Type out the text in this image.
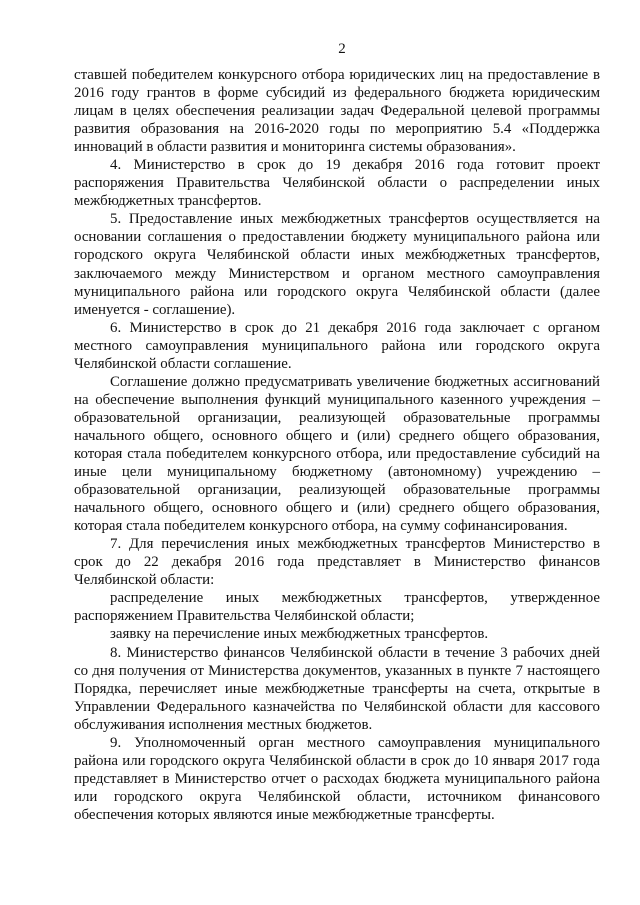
2

ставшей победителем конкурсного отбора юридических лиц на предоставление в 2016 году грантов в форме субсидий из федерального бюджета юридическим лицам в целях обеспечения реализации задач Федеральной целевой программы развития образования на 2016-2020 годы по мероприятию 5.4 «Поддержка инноваций в области развития и мониторинга системы образования».

4. Министерство в срок до 19 декабря 2016 года готовит проект распоряжения Правительства Челябинской области о распределении иных межбюджетных трансфертов.

5. Предоставление иных межбюджетных трансфертов осуществляется на основании соглашения о предоставлении бюджету муниципального района или городского округа Челябинской области иных межбюджетных трансфертов, заключаемого между Министерством и органом местного самоуправления муниципального района или городского округа Челябинской области (далее именуется - соглашение).

6. Министерство в срок до 21 декабря 2016 года заключает с органом местного самоуправления муниципального района или городского округа Челябинской области соглашение.

Соглашение должно предусматривать увеличение бюджетных ассигнований на обеспечение выполнения функций муниципального казенного учреждения – образовательной организации, реализующей образовательные программы начального общего, основного общего и (или) среднего общего образования, которая стала победителем конкурсного отбора, или предоставление субсидий на иные цели муниципальному бюджетному (автономному) учреждению – образовательной организации, реализующей образовательные программы начального общего, основного общего и (или) среднего общего образования, которая стала победителем конкурсного отбора, на сумму софинансирования.

7. Для перечисления иных межбюджетных трансфертов Министерство в срок до 22 декабря 2016 года представляет в Министерство финансов Челябинской области:

распределение иных межбюджетных трансфертов, утвержденное распоряжением Правительства Челябинской области;

заявку на перечисление иных межбюджетных трансфертов.

8. Министерство финансов Челябинской области в течение 3 рабочих дней со дня получения от Министерства документов, указанных в пункте 7 настоящего Порядка, перечисляет иные межбюджетные трансферты на счета, открытые в Управлении Федерального казначейства по Челябинской области для кассового обслуживания исполнения местных бюджетов.

9. Уполномоченный орган местного самоуправления муниципального района или городского округа Челябинской области в срок до 10 января 2017 года представляет в Министерство отчет о расходах бюджета муниципального района или городского округа Челябинской области, источником финансового обеспечения которых являются иные межбюджетные трансферты.
